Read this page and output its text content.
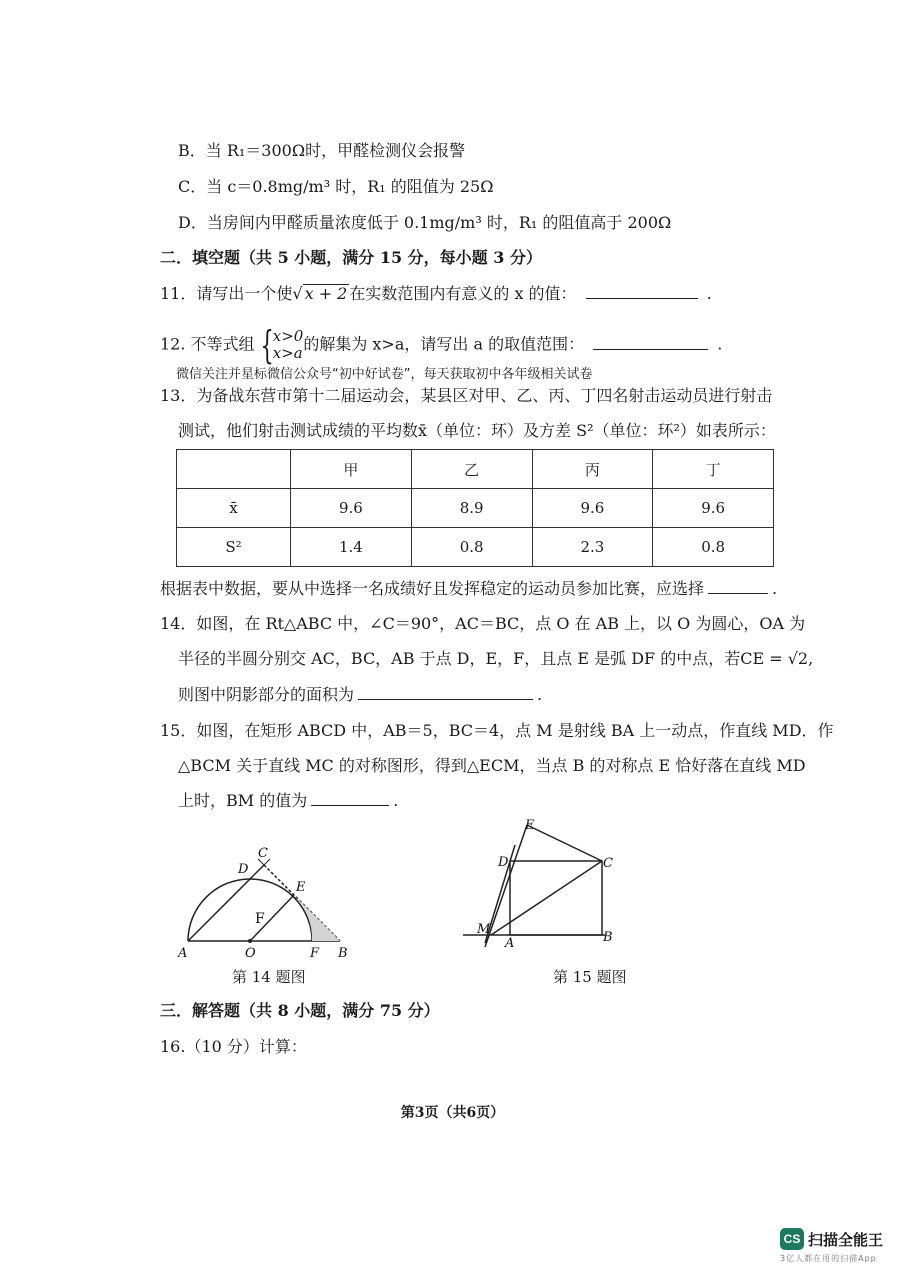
B．当 R₁＝300Ω时，甲醛检测仪会报警
C．当 c＝0.8mg/m³ 时，R₁ 的阻值为 25Ω
D．当房间内甲醛质量浓度低于 0.1mg/m³ 时，R₁ 的阻值高于 200Ω
二．填空题（共 5 小题，满分 15 分，每小题 3 分）
11．请写出一个使√ x + 2 在实数范围内有意义的 x 的值：	.
12. 不等式组 {x>0
x>a的解集为 x>a，请写出 a 的取值范围：	.
微信关注并星标微信公众号“初中好试卷”，每天获取初中各年级相关试卷
13．为备战东营市第十二届运动会，某县区对甲、乙、丙、丁四名射击运动员进行射击
测试，他们射击测试成绩的平均数x̄（单位：环）及方差 S²（单位：环²）如表所示：
	甲	乙	丙	丁
x̄	9.6	8.9	9.6	9.6
S²	1.4	0.8	2.3	0.8
根据表中数据，要从中选择一名成绩好且发挥稳定的运动员参加比赛，应选择	.
14．如图，在 Rt△ABC 中，∠C＝90°，AC＝BC，点 O 在 AB 上，以 O 为圆心，OA 为
半径的半圆分别交 AC，BC，AB 于点 D，E，F，且点 E 是弧 DF 的中点，若CE = √2,
则图中阴影部分的面积为	.
15．如图，在矩形 ABCD 中，AB＝5，BC＝4，点 M 是射线 BA 上一动点，作直线 MD．作
△BCM 关于直线 MC 的对称图形，得到△ECM，当点 B 的对称点 E 恰好落在直线 MD
上时，BM 的值为	.
A	B
C
D
E
F
O
F
第 14 题图
E
D	C
B
A
M
第 15 题图
三．解答题（共 8 小题，满分 75 分）
16.（10 分）计算：
第3页（共6页）
CS 扫描全能王
3亿人都在用的扫描App
